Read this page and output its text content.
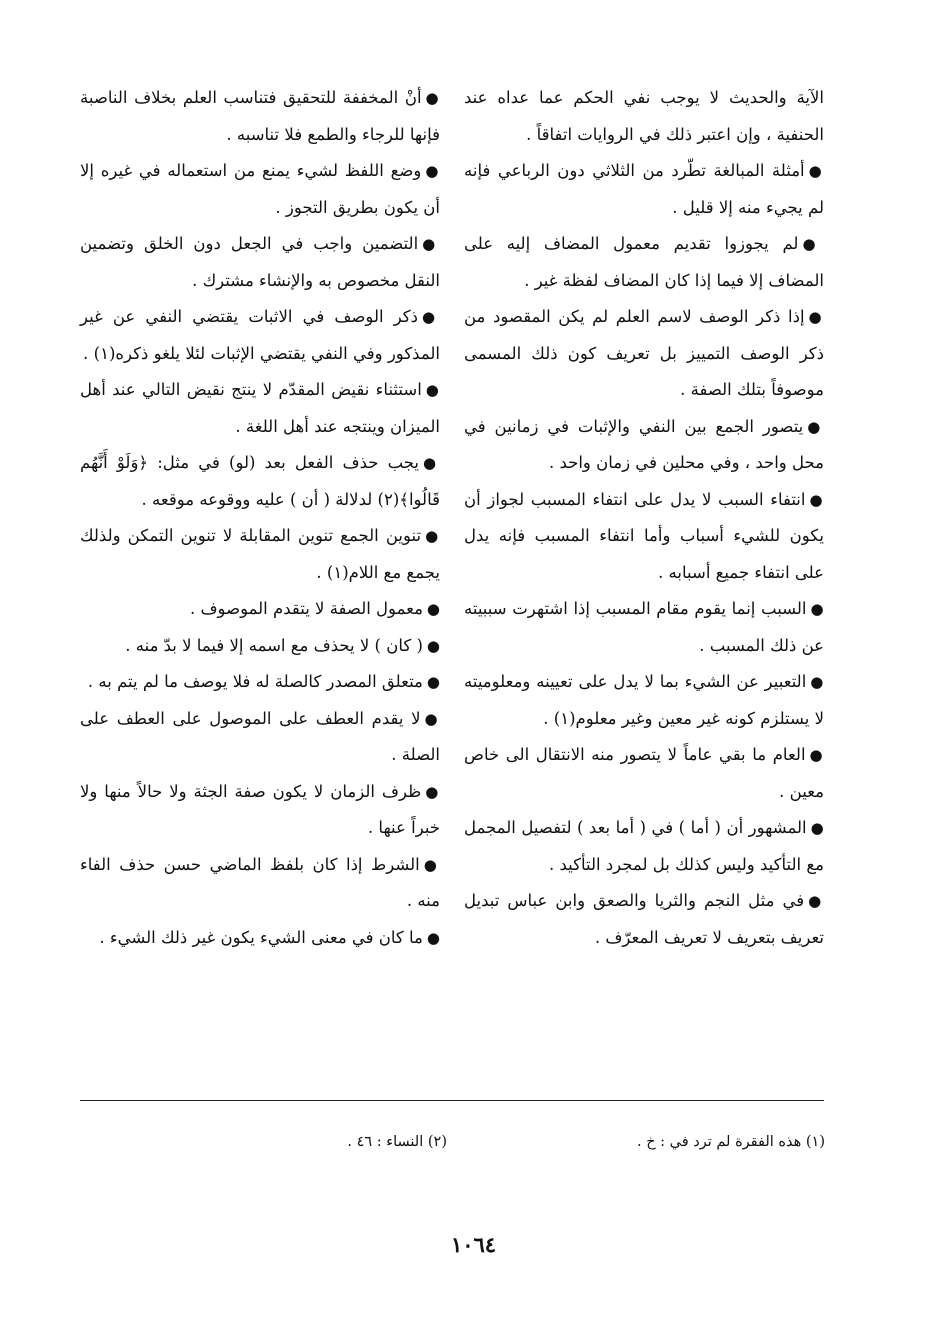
الآية والحديث لا يوجب نفي الحكم عما عداه عند الحنفية ، وإن اعتبر ذلك في الروايات اتفاقاً .

●أمثلة المبالغة تطّرد من الثلاثي دون الرباعي فإنه لم يجيء منه إلا قليل .

●لم يجوزوا تقديم معمول المضاف إليه على المضاف إلا فيما إذا كان المضاف لفظة غير .

●إذا ذكر الوصف لاسم العلم لم يكن المقصود من ذكر الوصف التمييز بل تعريف كون ذلك المسمى موصوفاً بتلك الصفة .

●يتصور الجمع بين النفي والإثبات في زمانين في محل واحد ، وفي محلين في زمان واحد .

●انتفاء السبب لا يدل على انتفاء المسبب لجواز أن يكون للشيء أسباب وأما انتفاء المسبب فإنه يدل على انتفاء جميع أسبابه .

●السبب إنما يقوم مقام المسبب إذا اشتهرت سببيته عن ذلك المسبب .

●التعبير عن الشيء بما لا يدل على تعيينه ومعلوميته لا يستلزم كونه غير معين وغير معلوم(١) .

●العام ما بقي عاماً لا يتصور منه الانتقال الى خاص معين .

●المشهور أن ( أما ) في ( أما بعد ) لتفصيل المجمل مع التأكيد وليس كذلك بل لمجرد التأكيد .

●في مثل النجم والثريا والصعق وابن عباس تبديل تعريف بتعريف لا تعريف المعرّف .

●أنْ المخففة للتحقيق فتناسب العلم بخلاف الناصبة فإنها للرجاء والطمع فلا تناسبه .

●وضع اللفظ لشيء يمنع من استعماله في غيره إلا أن يكون بطريق التجوز .

●التضمين واجب في الجعل دون الخلق وتضمين النقل مخصوص به والإنشاء مشترك .

●ذكر الوصف في الاثبات يقتضي النفي عن غير المذكور وفي النفي يقتضي الإثبات لئلا يلغو ذكره(١) .

●استثناء نقيض المقدّم لا ينتج نقيض التالي عند أهل الميزان وينتجه عند أهل اللغة .

●يجب حذف الفعل بعد (لو) في مثل: ﴿وَلَوْ أَنَّهُم قَالُوا﴾(٢) لدلالة ( أن ) عليه ووقوعه موقعه .

●تنوين الجمع تنوين المقابلة لا تنوين التمكن ولذلك يجمع مع اللام(١) .

●معمول الصفة لا يتقدم الموصوف .

●( كان ) لا يحذف مع اسمه إلا فيما لا بدّ منه .

●متعلق المصدر كالصلة له فلا يوصف ما لم يتم به .

●لا يقدم العطف على الموصول على العطف على الصلة .

●ظرف الزمان لا يكون صفة الجثة ولا حالاً منها ولا خبراً عنها .

●الشرط إذا كان بلفظ الماضي حسن حذف الفاء منه .

●ما كان في معنى الشيء يكون غير ذلك الشيء .

(١) هذه الفقرة لم ترد في : خ .
(٢) النساء : ٤٦ .
١٠٦٤
